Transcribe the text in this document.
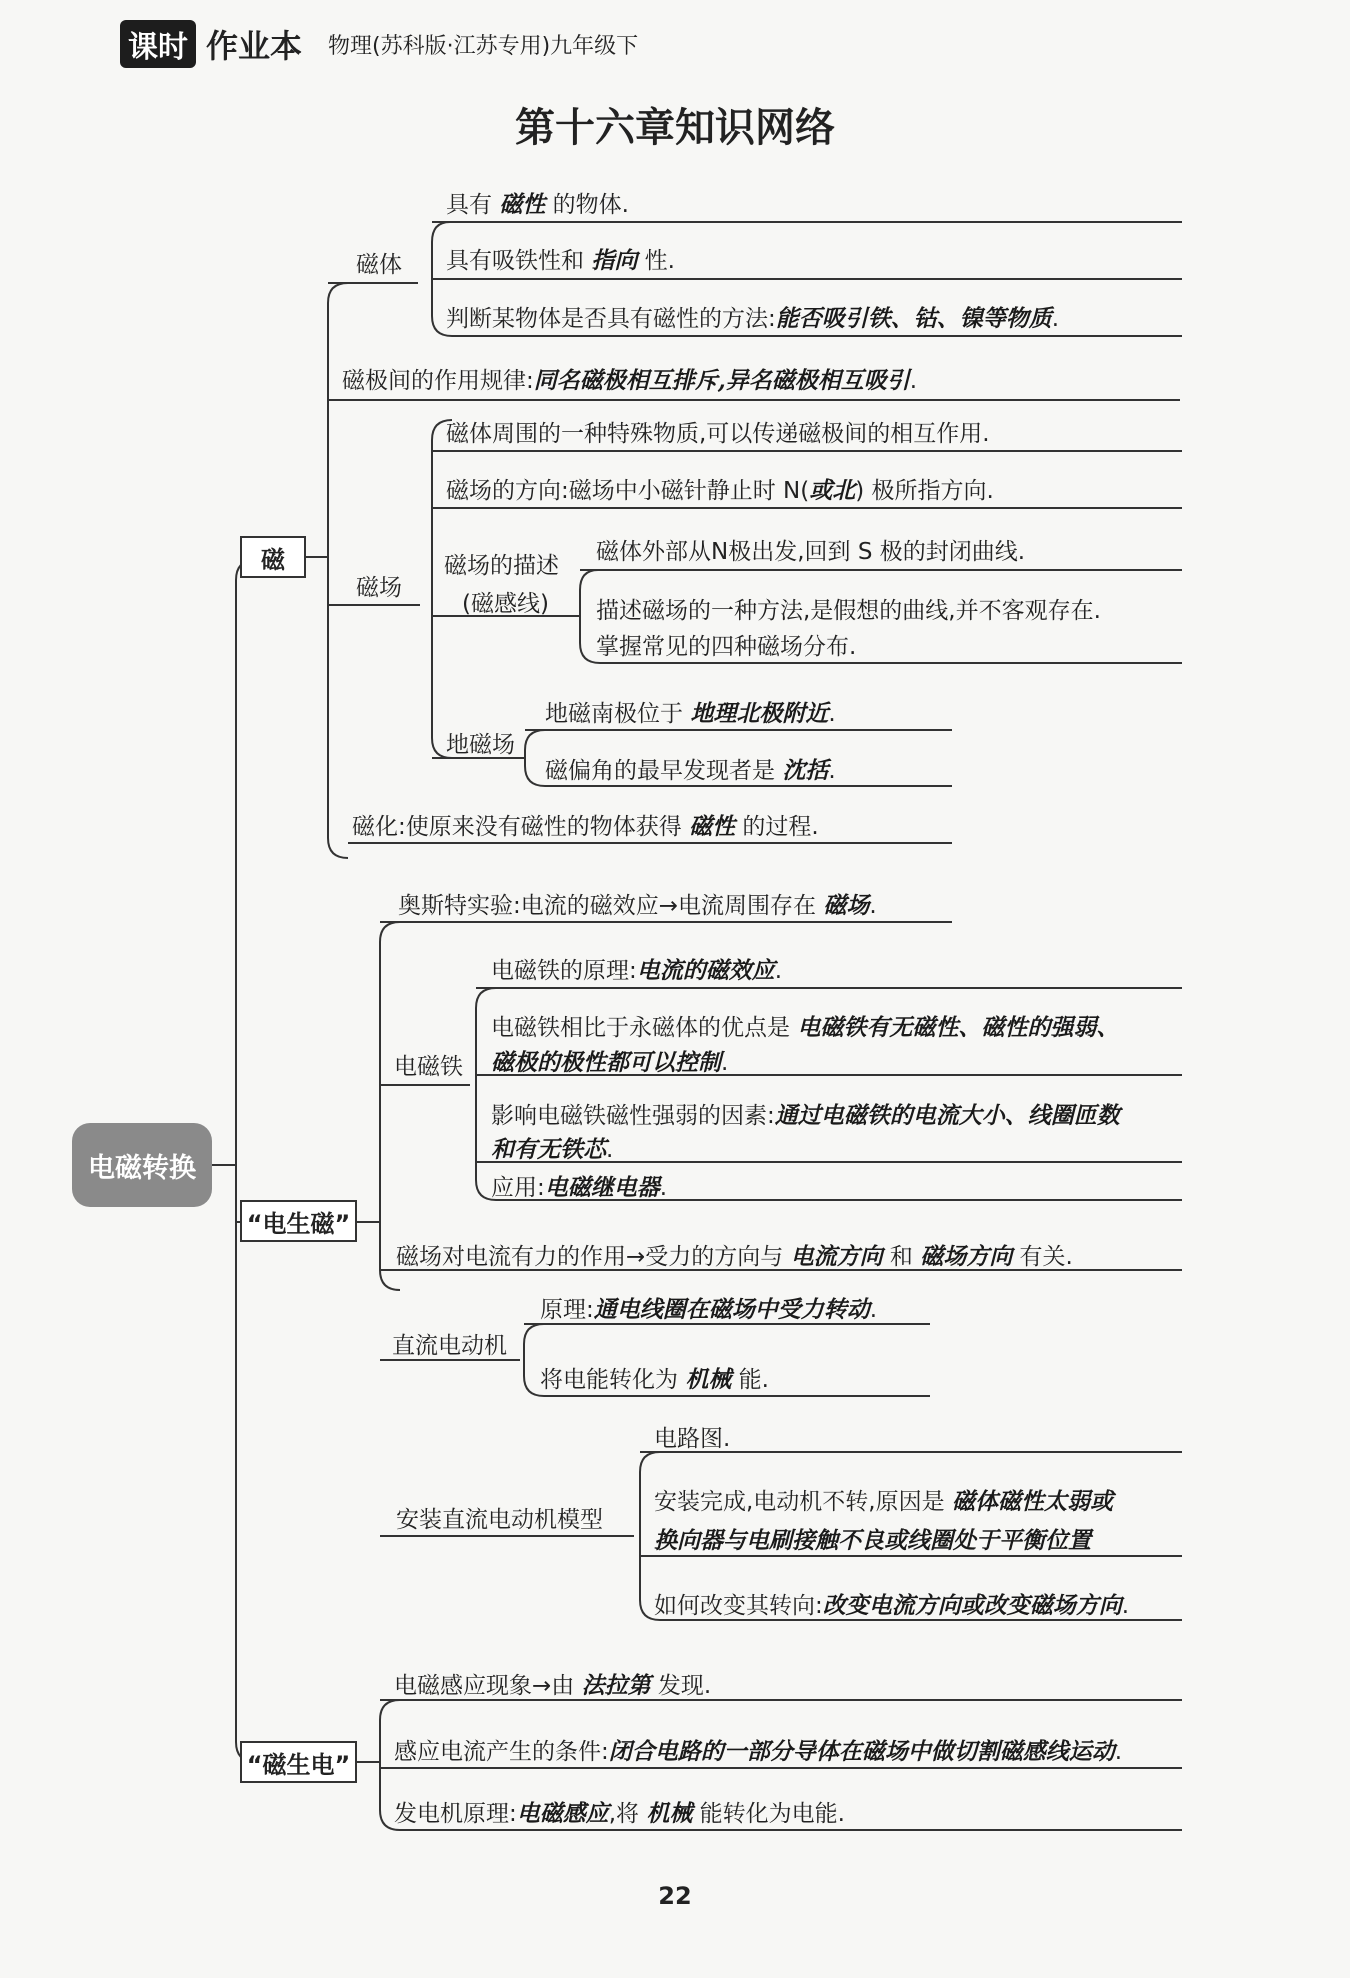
课时 作业本 物理(苏科版·江苏专用)九年级下
第十六章知识网络
电磁转换
磁
磁体
具有 磁性 的物体.
具有吸铁性和 指向 性.
判断某物体是否具有磁性的方法:能否吸引铁、钴、镍等物质.
磁极间的作用规律:同名磁极相互排斥,异名磁极相互吸引.
磁场
磁体周围的一种特殊物质,可以传递磁极间的相互作用.
磁场的方向:磁场中小磁针静止时 N(或北) 极所指方向.
磁场的描述
(磁感线)
磁体外部从N极出发,回到 S 极的封闭曲线.
描述磁场的一种方法,是假想的曲线,并不客观存在.
掌握常见的四种磁场分布.
地磁场
地磁南极位于 地理北极附近.
磁偏角的最早发现者是 沈括.
磁化:使原来没有磁性的物体获得 磁性 的过程.
“电生磁”
奥斯特实验:电流的磁效应→电流周围存在 磁场.
电磁铁
电磁铁的原理:电流的磁效应.
电磁铁相比于永磁体的优点是 电磁铁有无磁性、磁性的强弱、
磁极的极性都可以控制.
影响电磁铁磁性强弱的因素:通过电磁铁的电流大小、线圈匝数
和有无铁芯.
应用:电磁继电器.
磁场对电流有力的作用→受力的方向与 电流方向 和 磁场方向 有关.
直流电动机
原理:通电线圈在磁场中受力转动.
将电能转化为 机械 能.
安装直流电动机模型
电路图.
安装完成,电动机不转,原因是 磁体磁性太弱或
换向器与电刷接触不良或线圈处于平衡位置
如何改变其转向:改变电流方向或改变磁场方向.
“磁生电”
电磁感应现象→由 法拉第 发现.
感应电流产生的条件:闭合电路的一部分导体在磁场中做切割磁感线运动.
发电机原理:电磁感应,将 机械 能转化为电能.
22
